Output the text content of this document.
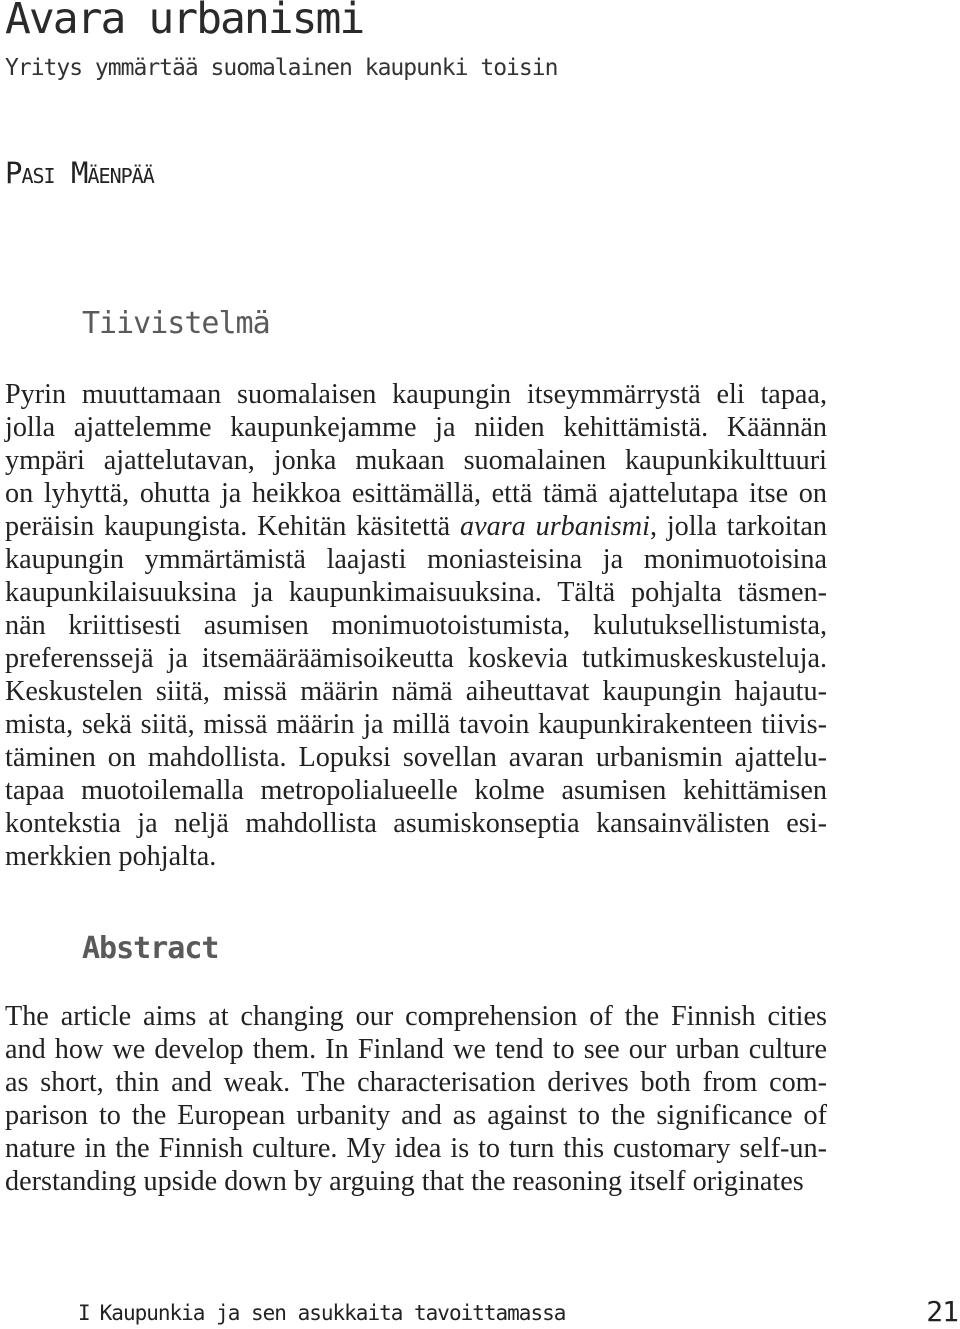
Avara urbanismi

Yritys ymmärtää suomalainen kaupunki toisin

Pasi Mäenpää

Tiivistelmä
Pyrin muuttamaan suomalaisen kaupungin itseymmärrystä eli tapaa,
jolla ajattelemme kaupunkejamme ja niiden kehittämistä. Käännän
ympäri ajattelutavan, jonka mukaan suomalainen kaupunkikulttuuri
on lyhyttä, ohutta ja heikkoa esittämällä, että tämä ajattelutapa itse on
peräisin kaupungista. Kehitän käsitettä avara urbanismi, jolla tarkoitan
kaupungin ymmärtämistä laajasti moniasteisina ja monimuotoisina
kaupunkilaisuuksina ja kaupunkimaisuuksina. Tältä pohjalta täsmen-
nän kriittisesti asumisen monimuotoistumista, kulutuksellistumista,
preferenssejä ja itsemääräämisoikeutta koskevia tutkimuskeskusteluja.
Keskustelen siitä, missä määrin nämä aiheuttavat kaupungin hajautu-
mista, sekä siitä, missä määrin ja millä tavoin kaupunkirakenteen tiivis-
täminen on mahdollista. Lopuksi sovellan avaran urbanismin ajattelu-
tapaa muotoilemalla metropolialueelle kolme asumisen kehittämisen
kontekstia ja neljä mahdollista asumiskonseptia kansainvälisten esi-
merkkien pohjalta.
Abstract
The article aims at changing our comprehension of the Finnish cities
and how we develop them. In Finland we tend to see our urban culture
as short, thin and weak. The characterisation derives both from com-
parison to the European urbanity and as against to the significance of
nature in the Finnish culture. My idea is to turn this customary self-un-
derstanding upside down by arguing that the reasoning itself originates

I Kaupunkia ja sen asukkaita tavoittamassa	21
